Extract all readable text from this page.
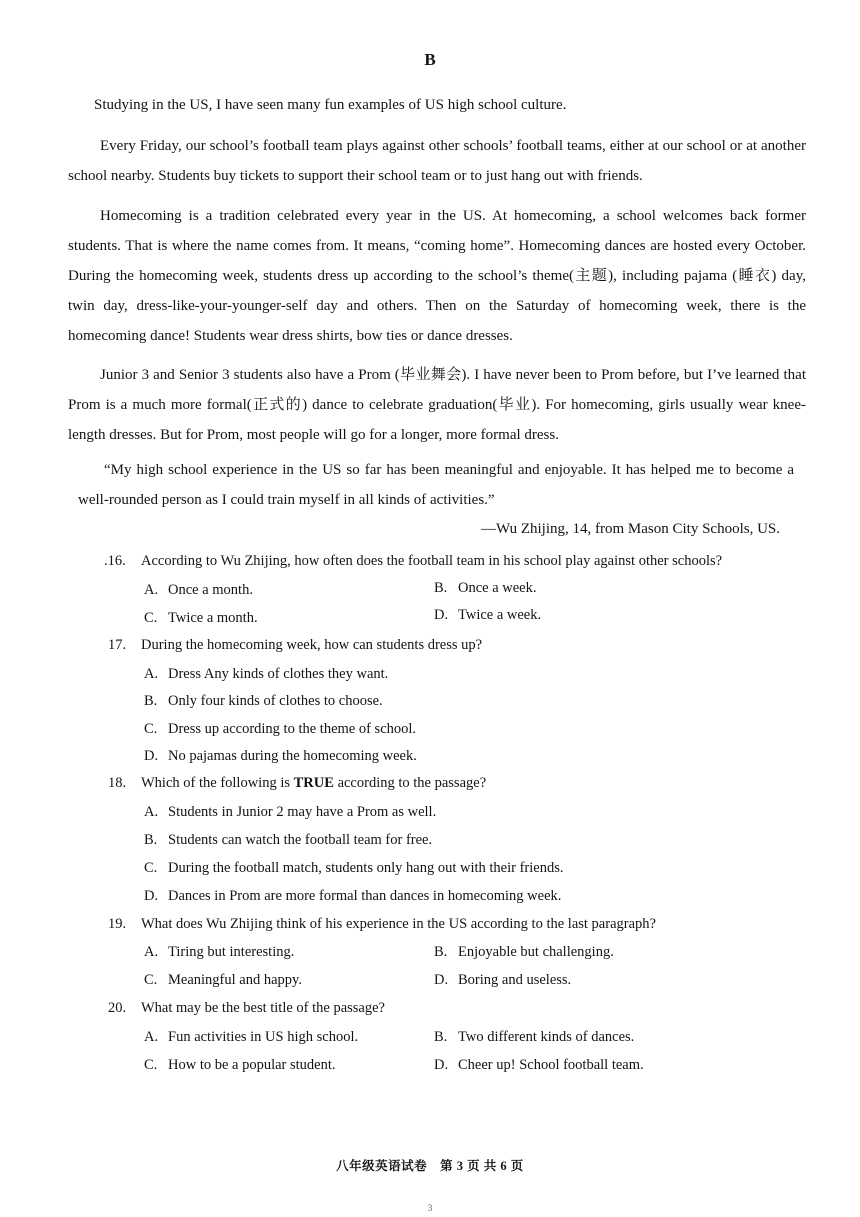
B
Studying in the US, I have seen many fun examples of US high school culture.
Every Friday, our school’s football team plays against other schools’ football teams, either at our school or at another school nearby. Students buy tickets to support their school team or to just hang out with friends.
Homecoming is a tradition celebrated every year in the US. At homecoming, a school welcomes back former students. That is where the name comes from. It means, “coming home”. Homecoming dances are hosted every October. During the homecoming week, students dress up according to the school’s theme(主题), including pajama (睡衣) day, twin day, dress-like-your-younger-self day and others. Then on the Saturday of homecoming week, there is the homecoming dance! Students wear dress shirts, bow ties or dance dresses.
Junior 3 and Senior 3 students also have a Prom (毕业舞会). I have never been to Prom before, but I’ve learned that Prom is a much more formal(正式的) dance to celebrate graduation(毕业). For homecoming, girls usually wear knee-length dresses. But for Prom, most people will go for a longer, more formal dress.
“My high school experience in the US so far has been meaningful and enjoyable. It has helped me to become a well-rounded person as I could train myself in all kinds of activities.”
—Wu Zhijing, 14, from Mason City Schools, US.
.16. According to Wu Zhijing, how often does the football team in his school play against other schools?
A. Once a month.	B. Once a week.
C. Twice a month.	D. Twice a week.
17. During the homecoming week, how can students dress up?
A. Dress Any kinds of clothes they want.
B. Only four kinds of clothes to choose.
C. Dress up according to the theme of school.
D. No pajamas during the homecoming week.
18. Which of the following is TRUE according to the passage?
A. Students in Junior 2 may have a Prom as well.
B. Students can watch the football team for free.
C. During the football match, students only hang out with their friends.
D. Dances in Prom are more formal than dances in homecoming week.
19. What does Wu Zhijing think of his experience in the US according to the last paragraph?
A. Tiring but interesting.	B. Enjoyable but challenging.
C. Meaningful and happy.	D. Boring and useless.
20. What may be the best title of the passage?
A. Fun activities in US high school.	B. Two different kinds of dances.
C. How to be a popular student.	D. Cheer up! School football team.
八年级英语试卷　第 3 页 共 6 页
3
